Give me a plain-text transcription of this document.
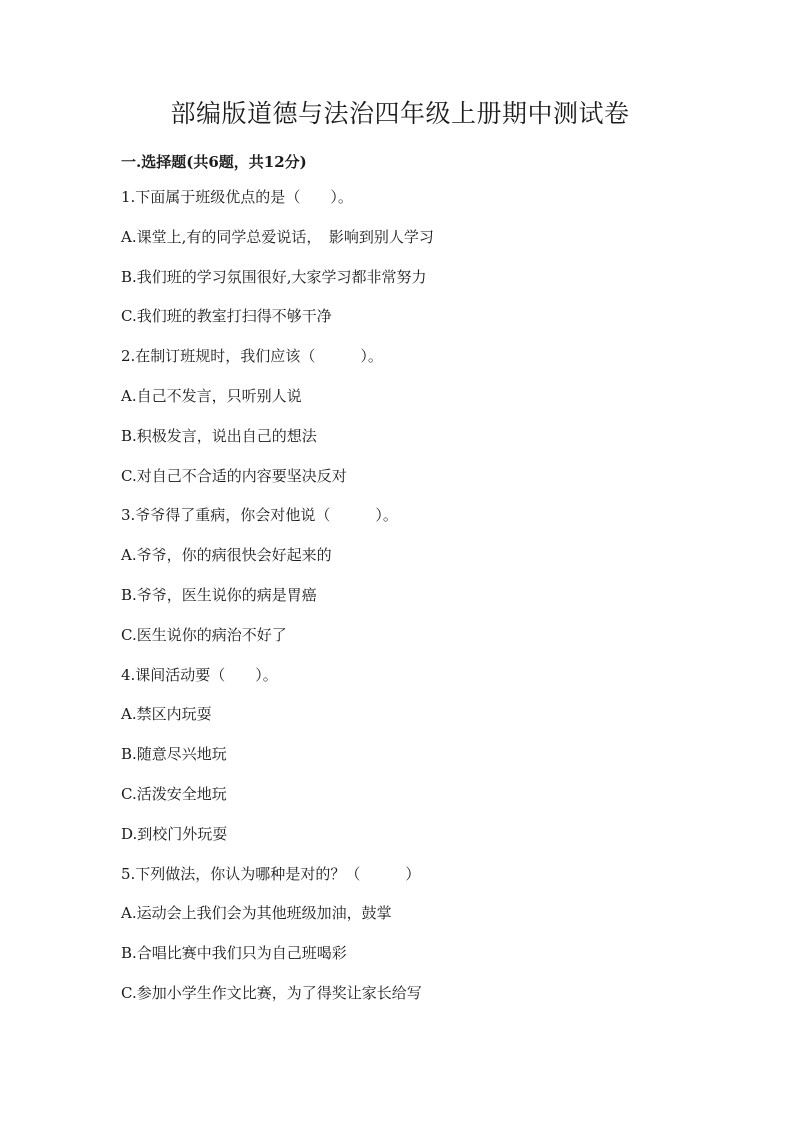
部编版道德与法治四年级上册期中测试卷
一.选择题(共6题，共12分)
1.下面属于班级优点的是（　　）。
A.课堂上,有的同学总爱说话，　影响到别人学习
B.我们班的学习氛围很好,大家学习都非常努力
C.我们班的教室打扫得不够干净
2.在制订班规时，我们应该（　　　）。
A.自己不发言，只听别人说
B.积极发言，说出自己的想法
C.对自己不合适的内容要坚决反对
3.爷爷得了重病，你会对他说（　　　）。
A.爷爷，你的病很快会好起来的
B.爷爷，医生说你的病是胃癌
C.医生说你的病治不好了
4.课间活动要（　　）。
A.禁区内玩耍
B.随意尽兴地玩
C.活泼安全地玩
D.到校门外玩耍
5.下列做法，你认为哪种是对的？（　　　）
A.运动会上我们会为其他班级加油，鼓掌
B.合唱比赛中我们只为自己班喝彩
C.参加小学生作文比赛，为了得奖让家长给写
